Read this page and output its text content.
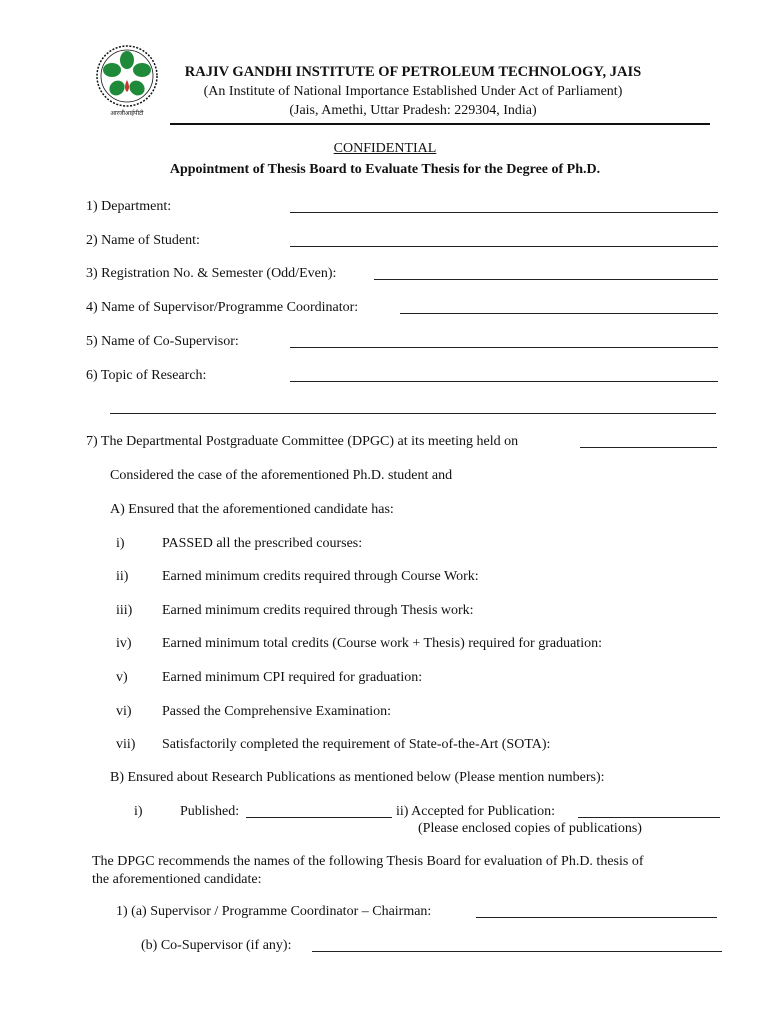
आरजीआईपीटी
RAJIV GANDHI INSTITUTE OF PETROLEUM TECHNOLOGY, JAIS
(An Institute of National Importance Established Under Act of Parliament)
(Jais, Amethi, Uttar Pradesh: 229304, India)
CONFIDENTIAL
Appointment of Thesis Board to Evaluate Thesis for the Degree of Ph.D.
1) Department:
2) Name of Student:
3) Registration No. & Semester (Odd/Even):
4) Name of Supervisor/Programme Coordinator:
5) Name of Co-Supervisor:
6) Topic of Research:
7) The Departmental Postgraduate Committee (DPGC) at its meeting held on
Considered the case of the aforementioned Ph.D. student and
A) Ensured that the aforementioned candidate has:
i)	PASSED all the prescribed courses:
ii) Earned minimum credits required through Course Work:
iii) Earned minimum credits required through Thesis work:
iv) Earned minimum total credits (Course work + Thesis) required for graduation:
v) Earned minimum CPI required for graduation:
vi) Passed the Comprehensive Examination:
vii) Satisfactorily completed the requirement of State-of-the-Art (SOTA):
B) Ensured about Research Publications as mentioned below (Please mention numbers):
i)	Published:	ii) Accepted for Publication:
(Please enclosed copies of publications)
The DPGC recommends the names of the following Thesis Board for evaluation of Ph.D. thesis of
the aforementioned candidate:
1) (a) Supervisor / Programme Coordinator – Chairman:
(b) Co-Supervisor (if any):
